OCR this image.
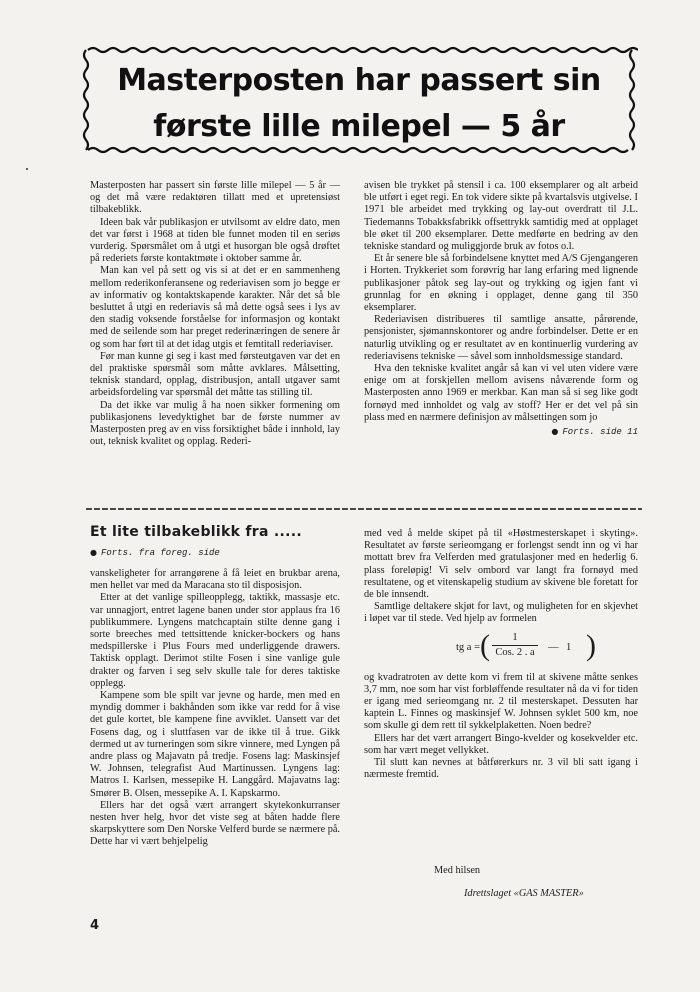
Masterposten har passert sin
første lille milepel — 5 år

Masterposten har passert sin første lille milepel — 5 år — og det må være redaktøren tillatt med et upretensiøst tilbakeblikk.

Ideen bak vår publikasjon er utvilsomt av eldre dato, men det var først i 1968 at tiden ble funnet moden til en seriøs vurderig. Spørsmålet om å utgi et husorgan ble også drøftet på rederiets første kontaktmøte i oktober samme år.

Man kan vel på sett og vis si at det er en sammenheng mellom rederikonferansene og rederiavisen som jo begge er av informativ og kontaktskapende karakter. Når det så ble besluttet å utgi en rederiavis så må dette også sees i lys av den stadig voksende forståelse for informasjon og kontakt med de seilende som har preget rederinæringen de senere år og som har ført til at det idag utgis et femtitall rederiaviser.

Før man kunne gi seg i kast med førsteutgaven var det en del praktiske spørsmål som måtte avklares. Målsetting, teknisk standard, opplag, distribusjon, antall utgaver samt arbeidsfordeling var spørsmål det måtte tas stilling til.

Da det ikke var mulig å ha noen sikker formening om publikasjonens levedyktighet bar de første nummer av Masterposten preg av en viss forsiktighet både i innhold, lay out, teknisk kvalitet og opplag. Rederi-

avisen ble trykket på stensil i ca. 100 eksemplarer og alt arbeid ble utført i eget regi. En tok videre sikte på kvartalsvis utgivelse. I 1971 ble arbeidet med trykking og lay-out overdratt til J.L. Tiedemanns Tobakksfabrikk offsettrykk samtidig med at opplaget ble øket til 200 eksemplarer. Dette medførte en bedring av den tekniske standard og muliggjorde bruk av fotos o.l.

Et år senere ble så forbindelsene knyttet med A/S Gjengangeren i Horten. Trykkeriet som forøvrig har lang erfaring med lignende publikasjoner påtok seg lay-out og trykking og igjen fant vi grunnlag for en økning i opplaget, denne gang til 350 eksemplarer.

Rederiavisen distribueres til samtlige ansatte, pårørende, pensjonister, sjømannskontorer og andre forbindelser. Dette er en naturlig utvikling og er resultatet av en kontinuerlig vurdering av rederiavisens tekniske — såvel som innholdsmessige standard.

Hva den tekniske kvalitet angår så kan vi vel uten videre være enige om at forskjellen mellom avisens nåværende form og Masterposten anno 1969 er merkbar. Kan man så si seg like godt fornøyd med innholdet og valg av stoff? Her er det vel på sin plass med en nærmere definisjon av målsettingen som jo

● Forts. side 11
Et lite tilbakeblikk fra .....
● Forts. fra foreg. side

vanskeligheter for arrangørene å få leiet en brukbar arena, men hellet var med da Maracana sto til disposisjon.

Etter at det vanlige spilleopplegg, taktikk, massasje etc. var unnagjort, entret lagene banen under stor applaus fra 16 publikummere. Lyngens matchcaptain stilte denne gang i sorte breeches med tettsittende knicker-bockers og hans medspillerske i Plus Fours med underliggende drawers. Taktisk opplagt. Derimot stilte Fosen i sine vanlige gule drakter og farven i seg selv skulle tale for deres taktiske opplegg.

Kampene som ble spilt var jevne og harde, men med en myndig dommer i bakhånden som ikke var redd for å vise det gule kortet, ble kampene fine avviklet. Uansett var det Fosens dag, og i sluttfasen var de ikke til å true. Gikk dermed ut av turneringen som sikre vinnere, med Lyngen på andre plass og Majavatn på tredje. Fosens lag: Maskinsjef W. Johnsen, telegrafist Aud Martinussen. Lyngens lag: Matros I. Karlsen, messepike H. Langgård. Majavatns lag: Smører B. Olsen, messepike A. I. Kapskarmo.

Ellers har det også vært arrangert skytekonkurranser nesten hver helg, hvor det viste seg at båten hadde flere skarpskyttere som Den Norske Velferd burde se nærmere på. Dette har vi vært behjelpelig

med ved å melde skipet på til «Høstmesterskapet i skyting». Resultatet av første serieomgang er forlengst sendt inn og vi har mottatt brev fra Velferden med gratulasjoner med en hederlig 6. plass foreløpig! Vi selv ombord var langt fra fornøyd med resultatene, og et vitenskapelig studium av skivene ble foretatt for de ble innsendt.

Samtlige deltakere skjøt for lavt, og muligheten for en skjevhet i løpet var til stede. Ved hjelp av formelen

tg a = (	1
Cos. 2 . a	— 1 )

og kvadratroten av dette kom vi frem til at skivene måtte senkes 3,7 mm, noe som har vist forbløffende resultater nå da vi for tiden er igang med serieomgang nr. 2 til mesterskapet. Dessuten har kaptein L. Finnes og maskinsjef W. Johnsen syklet 500 km, noe som skulle gi dem rett til sykkelplaketten. Noen bedre?

Ellers har det vært arrangert Bingo-kvelder og kosekvelder etc. som har vært meget vellykket.

Til slutt kan nevnes at båtførerkurs nr. 3 vil bli satt igang i nærmeste fremtid.

Med hilsen
Idrettslaget «GAS MASTER»
4
